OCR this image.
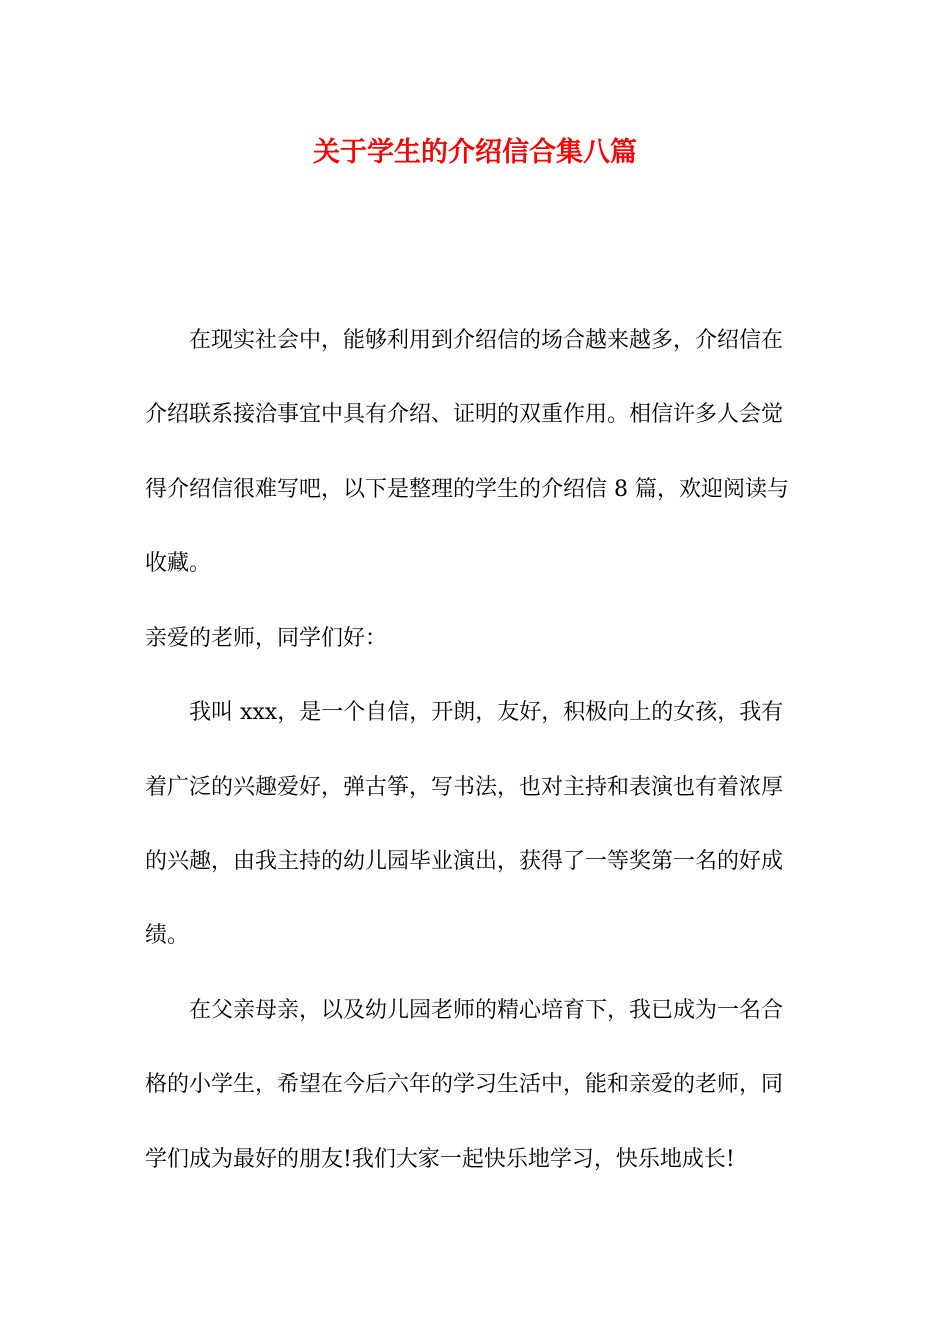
关于学生的介绍信合集八篇
在现实社会中，能够利用到介绍信的场合越来越多，介绍信在
介绍联系接洽事宜中具有介绍、证明的双重作用。相信许多人会觉
得介绍信很难写吧，以下是整理的学生的介绍信 8 篇，欢迎阅读与
收藏。
亲爱的老师，同学们好：
我叫 xxx，是一个自信，开朗，友好，积极向上的女孩，我有
着广泛的兴趣爱好，弹古筝，写书法，也对主持和表演也有着浓厚
的兴趣，由我主持的幼儿园毕业演出，获得了一等奖第一名的好成
绩。
在父亲母亲，以及幼儿园老师的精心培育下，我已成为一名合
格的小学生，希望在今后六年的学习生活中，能和亲爱的老师，同
学们成为最好的朋友!我们大家一起快乐地学习，快乐地成长!
